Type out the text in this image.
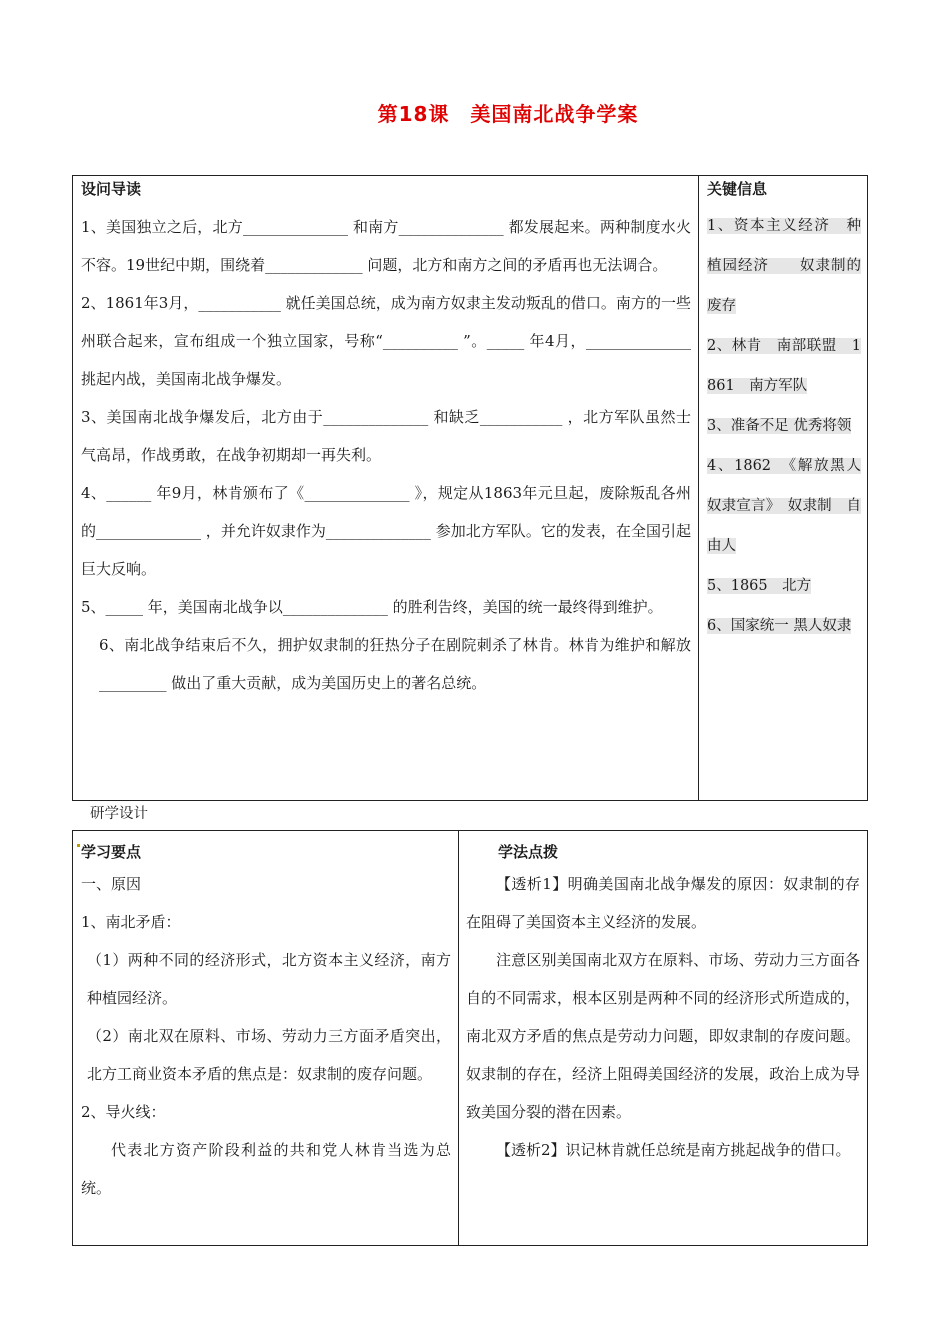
第18课　美国南北战争学案
设问导读
1、美国独立之后，北方______________ 和南方______________ 都发展起来。两种制度水火不容。19世纪中期，围绕着_____________ 问题，北方和南方之间的矛盾再也无法调合。
2、1861年3月，___________ 就任美国总统，成为南方奴隶主发动叛乱的借口。南方的一些州联合起来，宣布组成一个独立国家，号称“__________ ”。_____ 年4月，______________ 挑起内战，美国南北战争爆发。
3、美国南北战争爆发后，北方由于______________ 和缺乏___________ ，北方军队虽然士气高昂，作战勇敢，在战争初期却一再失利。
4、______ 年9月，林肯颁布了《______________ 》，规定从1863年元旦起，废除叛乱各州的______________ ，并允许奴隶作为______________ 参加北方军队。它的发表，在全国引起巨大反响。
5、_____ 年，美国南北战争以______________ 的胜利告终，美国的统一最终得到维护。
6、南北战争结束后不久，拥护奴隶制的狂热分子在剧院刺杀了林肯。林肯为维护和解放_________ 做出了重大贡献，成为美国历史上的著名总统。
关键信息
1、资本主义经济　种植园经济　　奴隶制的废存
2、林肯　南部联盟　1861　南方军队
3、准备不足 优秀将领
4、1862　《解放黑人奴隶宣言》　奴隶制　自由人
5、1865　北方
6、国家统一 黑人奴隶
研学设计
学习要点
一、原因
1、南北矛盾：
（1）两种不同的经济形式，北方资本主义经济，南方种植园经济。
（2）南北双在原料、市场、劳动力三方面矛盾突出，北方工商业资本矛盾的焦点是：奴隶制的废存问题。
2、导火线：
代表北方资产阶段利益的共和党人林肯当选为总统。
学法点拨
【透析1】明确美国南北战争爆发的原因：奴隶制的存在阻碍了美国资本主义经济的发展。
注意区别美国南北双方在原料、市场、劳动力三方面各自的不同需求，根本区别是两种不同的经济形式所造成的，南北双方矛盾的焦点是劳动力问题，即奴隶制的存废问题。奴隶制的存在，经济上阻碍美国经济的发展，政治上成为导致美国分裂的潜在因素。
【透析2】识记林肯就任总统是南方挑起战争的借口。
